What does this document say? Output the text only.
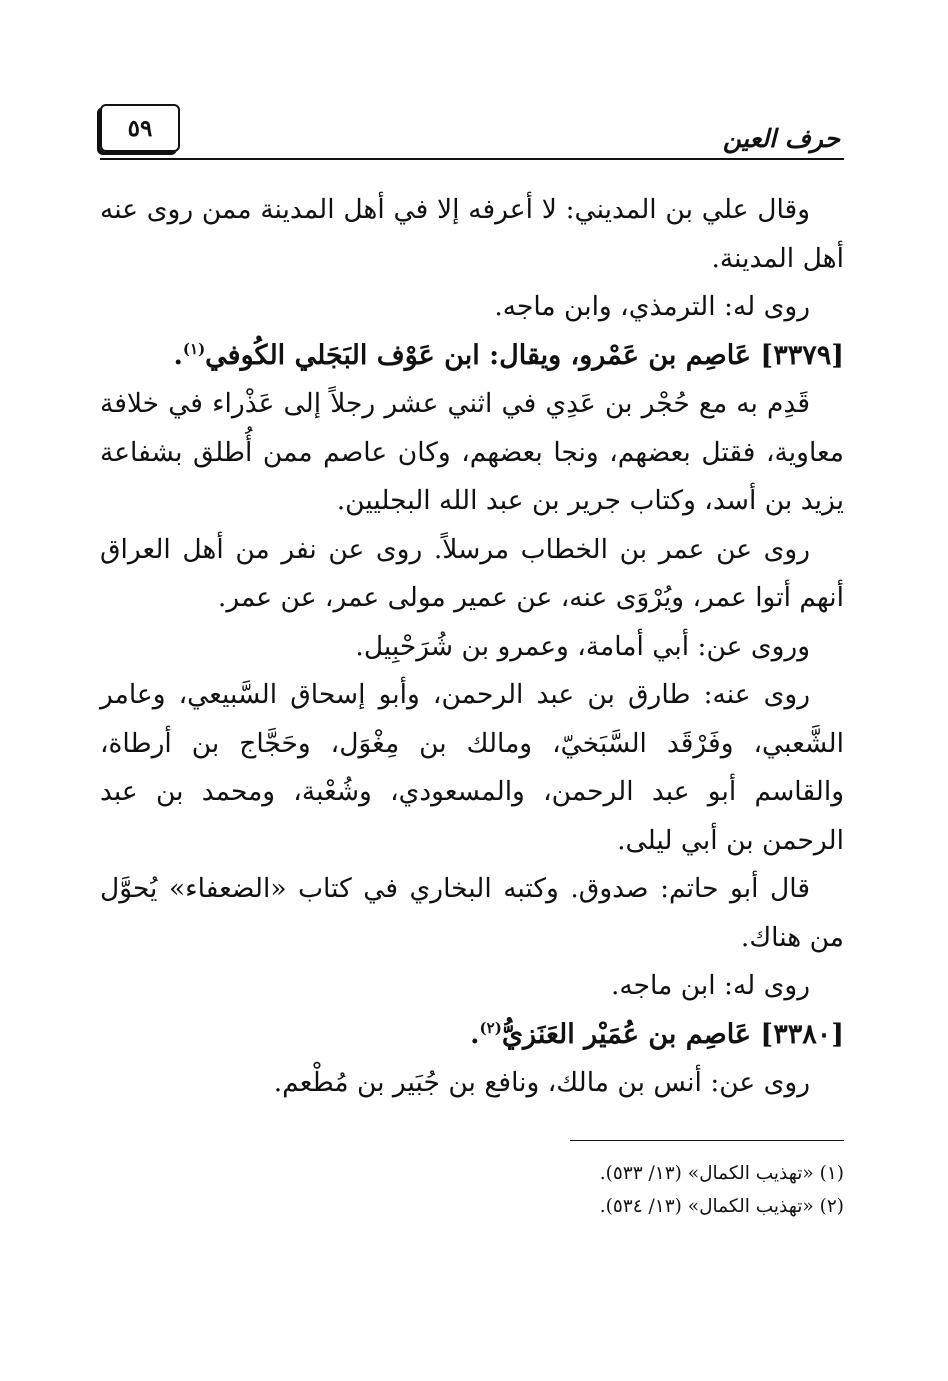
حرف العين
٥٩

وقال علي بن المديني: لا أعرفه إلا في أهل المدينة ممن روى عنه أهل المدينة.

روى له: الترمذي، وابن ماجه.

[٣٣٧٩] عَاصِم بن عَمْرو، ويقال: ابن عَوْف البَجَلي الكُوفي$^{(١)}$.

قَدِم به مع حُجْر بن عَدِي في اثني عشر رجلاً إلى عَذْراء في خلافة معاوية، فقتل بعضهم، ونجا بعضهم، وكان عاصم ممن أُطلق بشفاعة يزيد بن أسد، وكتاب جرير بن عبد الله البجليين.

روى عن عمر بن الخطاب مرسلاً. روى عن نفر من أهل العراق أنهم أتوا عمر، ويُرْوَى عنه، عن عمير مولى عمر، عن عمر.

وروى عن: أبي أمامة، وعمرو بن شُرَحْبِيل.

روى عنه: طارق بن عبد الرحمن، وأبو إسحاق السَّبيعي، وعامر الشَّعبي، وفَرْقَد السَّبَخيّ، ومالك بن مِغْوَل، وحَجَّاج بن أرطاة، والقاسم أبو عبد الرحمن، والمسعودي، وشُعْبة، ومحمد بن عبد الرحمن بن أبي ليلى.

قال أبو حاتم: صدوق. وكتبه البخاري في كتاب «الضعفاء» يُحوَّل من هناك.

روى له: ابن ماجه.

[٣٣٨٠] عَاصِم بن عُمَيْر العَنَزيُّ$^{(٢)}$.

روى عن: أنس بن مالك، ونافع بن جُبَير بن مُطْعم.

(١) «تهذيب الكمال» (١٣/ ٥٣٣).

(٢) «تهذيب الكمال» (١٣/ ٥٣٤).
